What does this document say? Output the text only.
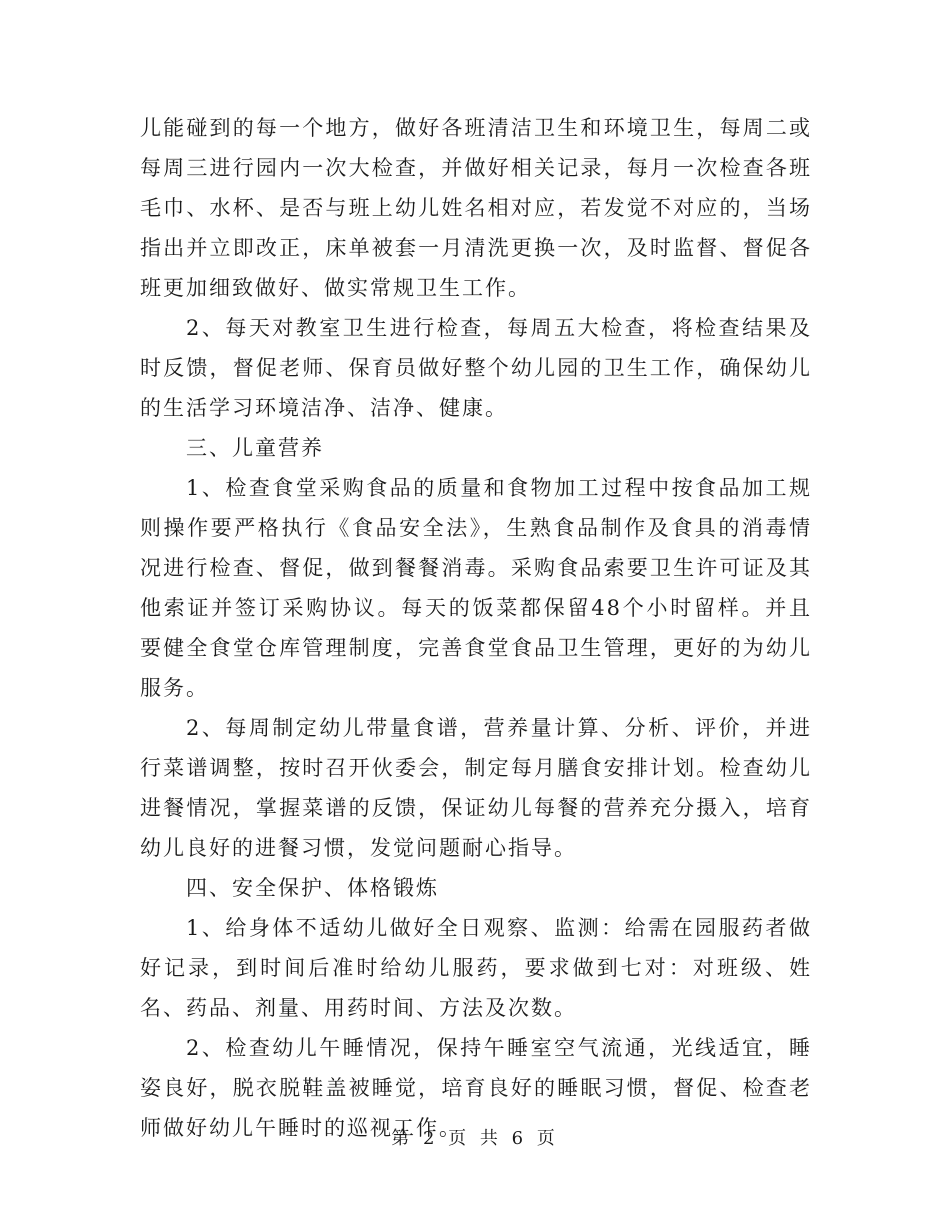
儿能碰到的每一个地方，做好各班清洁卫生和环境卫生，每周二或每周三进行园内一次大检查，并做好相关记录，每月一次检查各班毛巾、水杯、是否与班上幼儿姓名相对应，若发觉不对应的，当场指出并立即改正，床单被套一月清洗更换一次，及时监督、督促各班更加细致做好、做实常规卫生工作。

2、每天对教室卫生进行检查，每周五大检查，将检查结果及时反馈，督促老师、保育员做好整个幼儿园的卫生工作，确保幼儿的生活学习环境洁净、洁净、健康。

三、儿童营养

1、检查食堂采购食品的质量和食物加工过程中按食品加工规则操作要严格执行《食品安全法》，生熟食品制作及食具的消毒情况进行检查、督促，做到餐餐消毒。采购食品索要卫生许可证及其他索证并签订采购协议。每天的饭菜都保留48个小时留样。并且要健全食堂仓库管理制度，完善食堂食品卫生管理，更好的为幼儿服务。

2、每周制定幼儿带量食谱，营养量计算、分析、评价，并进行菜谱调整，按时召开伙委会，制定每月膳食安排计划。检查幼儿进餐情况，掌握菜谱的反馈，保证幼儿每餐的营养充分摄入，培育幼儿良好的进餐习惯，发觉问题耐心指导。

四、安全保护、体格锻炼

1、给身体不适幼儿做好全日观察、监测：给需在园服药者做好记录，到时间后准时给幼儿服药，要求做到七对：对班级、姓名、药品、剂量、用药时间、方法及次数。

2、检查幼儿午睡情况，保持午睡室空气流通，光线适宜，睡姿良好，脱衣脱鞋盖被睡觉，培育良好的睡眠习惯，督促、检查老师做好幼儿午睡时的巡视工作。

第 2 页 共 6 页
